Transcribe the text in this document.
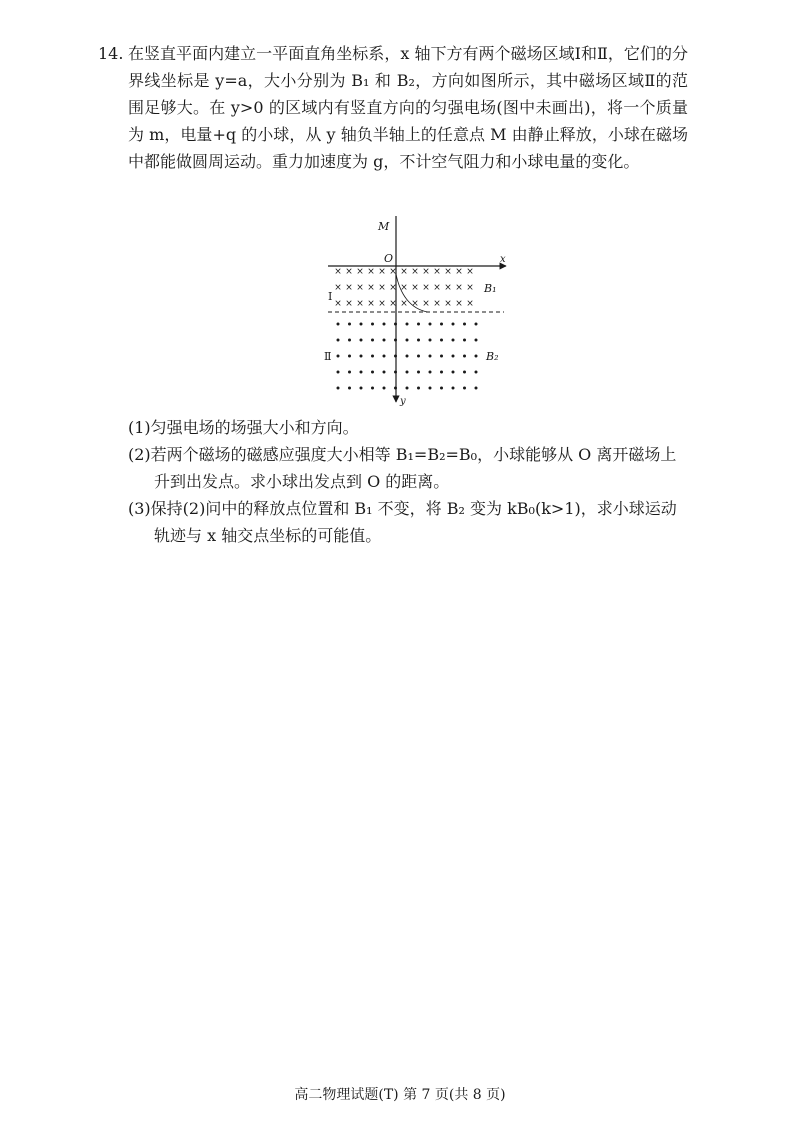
14. 在竖直平面内建立一平面直角坐标系，x 轴下方有两个磁场区域Ⅰ和Ⅱ，它们的分界线坐标是 y=a，大小分别为 B₁ 和 B₂，方向如图所示，其中磁场区域Ⅱ的范围足够大。在 y>0 的区域内有竖直方向的匀强电场(图中未画出)，将一个质量为 m，电量+q 的小球，从 y 轴负半轴上的任意点 M 由静止释放，小球在磁场中都能做圆周运动。重力加速度为 g，不计空气阻力和小球电量的变化。

× × × × × × × × × × × × ×
× × × × × × × × × × × × ×
× × × × × × × × × × × × ×
M
O	x
y
Ⅰ
Ⅱ
B₁
B₂

(1)匀强电场的场强大小和方向。

(2)若两个磁场的磁感应强度大小相等 B₁=B₂=B₀，小球能够从 O 离开磁场上升到出发点。求小球出发点到 O 的距离。

(3)保持(2)问中的释放点位置和 B₁ 不变，将 B₂ 变为 kB₀(k>1)，求小球运动轨迹与 x 轴交点坐标的可能值。

高二物理试题(T) 第 7 页(共 8 页)
